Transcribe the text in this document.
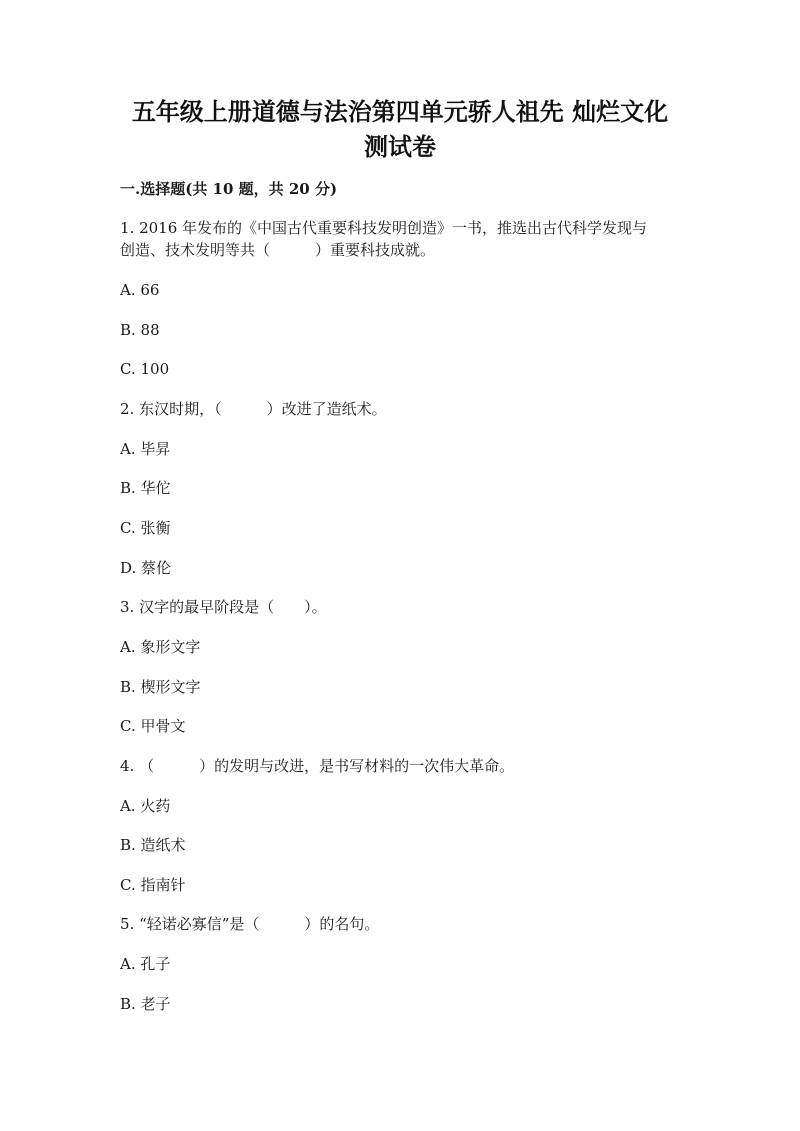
五年级上册道德与法治第四单元骄人祖先 灿烂文化
测试卷

一.选择题(共 10 题，共 20 分)

1. 2016 年发布的《中国古代重要科技发明创造》一书，推选出古代科学发现与

创造、技术发明等共（　　　）重要科技成就。

A. 66

B. 88

C. 100

2. 东汉时期，（　　　）改进了造纸术。

A. 毕昇

B. 华佗

C. 张衡

D. 蔡伦

3. 汉字的最早阶段是（　　）。

A. 象形文字

B. 楔形文字

C. 甲骨文

4. （　　　）的发明与改进，是书写材料的一次伟大革命。

A. 火药

B. 造纸术

C. 指南针

5. “轻诺必寡信”是（　　　）的名句。

A. 孔子

B. 老子
